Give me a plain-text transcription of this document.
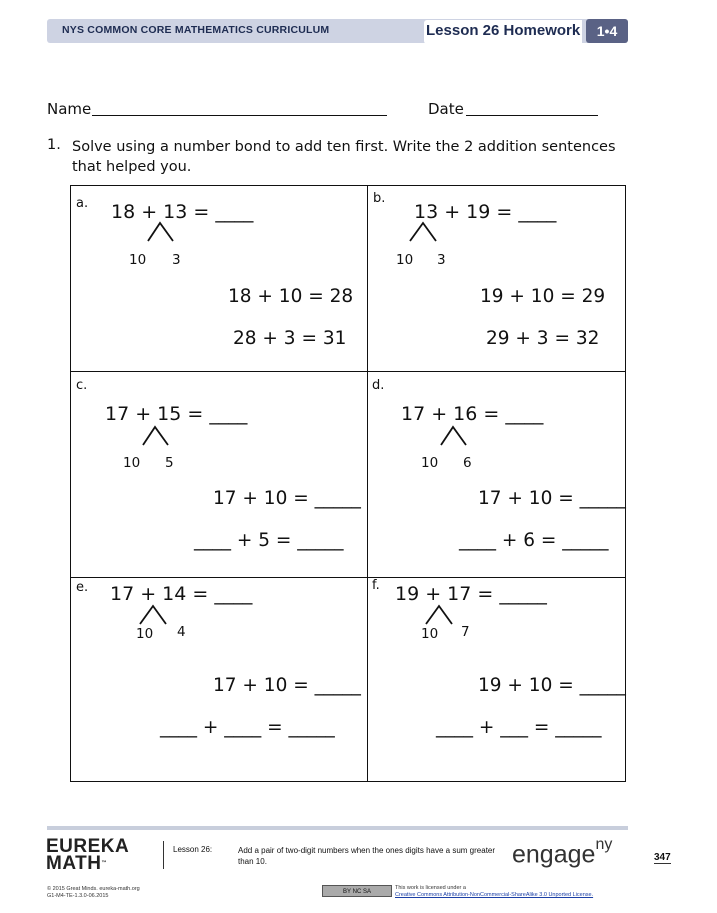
NYS COMMON CORE MATHEMATICS CURRICULUM	Lesson 26 Homework	1•4
Name	Date
1. Solve using a number bond to add ten first. Write the 2 addition sentences that helped you.
a. 18 + 13 = ____
10 3
18 + 10 = 28
28 + 3 = 31
b.
13 + 19 = ____
10 3
19 + 10 = 29
29 + 3 = 32
c.
17 + 15 = ____
10 5
17 + 10 = _____
____ + 5 = _____
d.
17 + 16 = ____
10 6
17 + 10 = _____
____ + 6 = _____
e. 17 + 14 = ____
10 4
17 + 10 = _____
____ + ____ = _____
f. 19 + 17 = _____
10 7
19 + 10 = _____
____ + ___ = _____
EUREKA
MATH™
Lesson 26:	Add a pair of two-digit numbers when the ones digits have a sum greater than 10.	engage$^{ny}$
347
© 2015 Great Minds. eureka-math.org
G1-M4-TE-1.3.0-06.2015
BY NC SA
This work is licensed under a
Creative Commons Attribution-NonCommercial-ShareAlike 3.0 Unported License.
